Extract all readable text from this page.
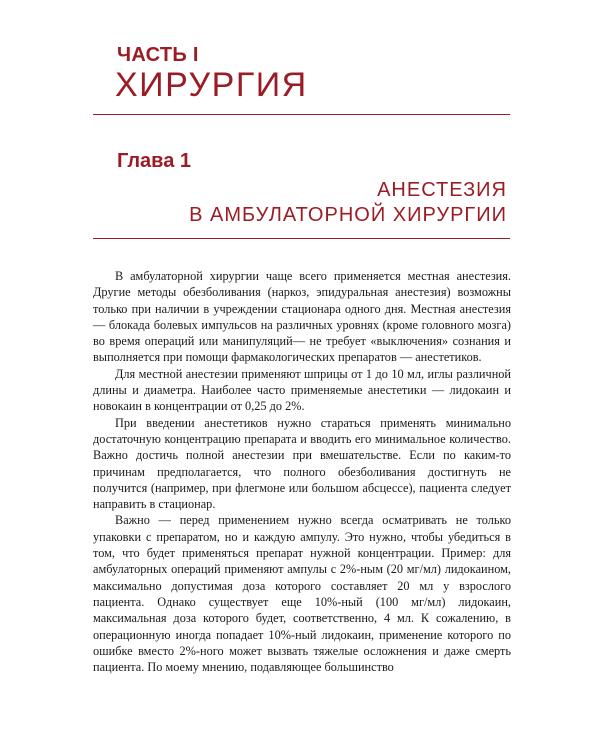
ЧАСТЬ I
ХИРУРГИЯ
Глава 1
АНЕСТЕЗИЯ
В АМБУЛАТОРНОЙ ХИРУРГИИ

В амбулаторной хирургии чаще всего применяется местная анестезия. Другие методы обезболивания (наркоз, эпидуральная анестезия) возможны только при наличии в учреждении стационара одного дня. Местная анестезия — блокада болевых импульсов на различных уровнях (кроме головного мозга) во время операций или манипуляций— не требует «выключения» сознания и выполняется при помощи фармакологических препаратов — анестетиков.

Для местной анестезии применяют шприцы от 1 до 10 мл, иглы различной длины и диаметра. Наиболее часто применяемые анестетики — лидокаин и новокаин в концентрации от 0,25 до 2%.

При введении анестетиков нужно стараться применять минимально достаточную концентрацию препарата и вводить его минимальное количество. Важно достичь полной анестезии при вмешательстве. Если по каким-то причинам предполагается, что полного обезболивания достигнуть не получится (например, при флегмоне или большом абсцессе), пациента следует направить в стационар.

Важно — перед применением нужно всегда осматривать не только упаковки с препаратом, но и каждую ампулу. Это нужно, чтобы убедиться в том, что будет применяться препарат нужной концентрации. Пример: для амбулаторных операций применяют ампулы с 2%-ным (20 мг/мл) лидокаином, максимально допустимая доза которого составляет 20 мл у взрослого пациента. Однако существует еще 10%-ный (100 мг/мл) лидокаин, максимальная доза которого будет, соответственно, 4 мл. К сожалению, в операционную иногда попадает 10%-ный лидокаин, применение которого по ошибке вместо 2%-ного может вызвать тяжелые осложнения и даже смерть пациента. По моему мнению, подавляющее большинство
